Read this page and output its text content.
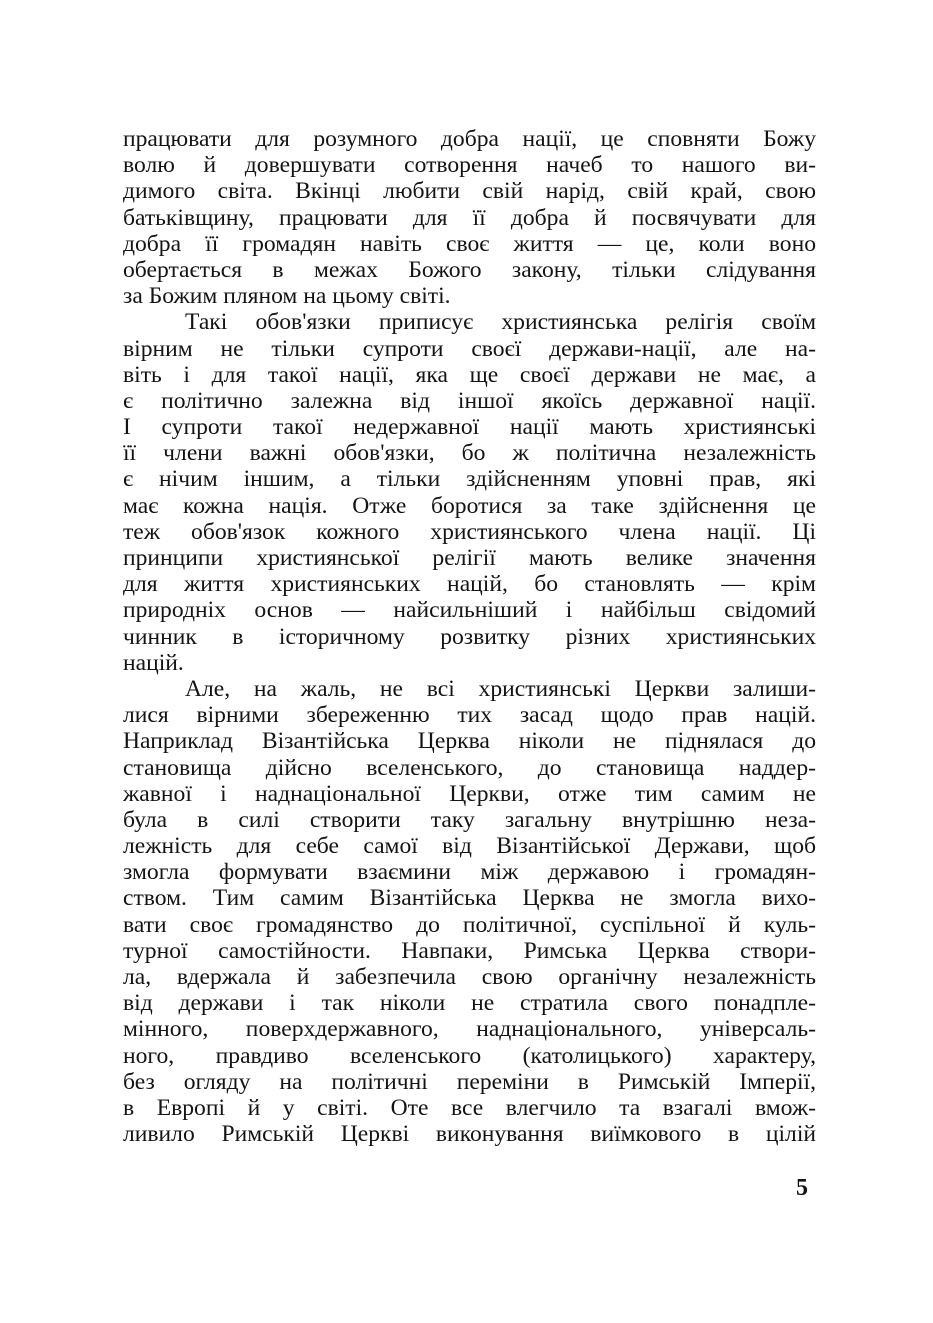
працювати для розумного добра нації, це сповняти Божу
волю й довершувати сотворення начеб то нашого ви-
димого світа. Вкінці любити свій нарід, свій край, свою
батьківщину, працювати для її добра й посвячувати для
добра її громадян навіть своє життя — це, коли воно
обертається в межах Божого закону, тільки слідування
за Божим пляном на цьому світі.
Такі обов'язки приписує християнська релігія своїм
вірним не тільки супроти своєї держави-нації, але на-
віть і для такої нації, яка ще своєї держави не має, а
є політично залежна від іншої якоїсь державної нації.
І супроти такої недержавної нації мають християнські
її члени важні обов'язки, бо ж політична незалежність
є нічим іншим, а тільки здійсненням уповні прав, які
має кожна нація. Отже боротися за таке здійснення це
теж обов'язок кожного християнського члена нації. Ці
принципи християнської релігії мають велике значення
для життя християнських націй, бо становлять — крім
природніх основ — найсильніший і найбільш свідомий
чинник в історичному розвитку різних християнських
націй.
Але, на жаль, не всі християнські Церкви залиши-
лися вірними збереженню тих засад щодо прав націй.
Наприклад Візантійська Церква ніколи не піднялася до
становища дійсно вселенського, до становища наддер-
жавної і наднаціональної Церкви, отже тим самим не
була в силі створити таку загальну внутрішню неза-
лежність для себе самої від Візантійської Держави, щоб
змогла формувати взаємини між державою і громадян-
ством. Тим самим Візантійська Церква не змогла вихо-
вати своє громадянство до політичної, суспільної й куль-
турної самостійности. Навпаки, Римська Церква створи-
ла, вдержала й забезпечила свою органічну незалежність
від держави і так ніколи не стратила свого понадпле-
мінного, поверхдержавного, наднаціонального, універсаль-
ного, правдиво вселенського (католицького) характеру,
без огляду на політичні переміни в Римській Імперії,
в Европі й у світі. Оте все влегчило та взагалі вмож-
ливило Римській Церкві виконування виїмкового в цілій
5
